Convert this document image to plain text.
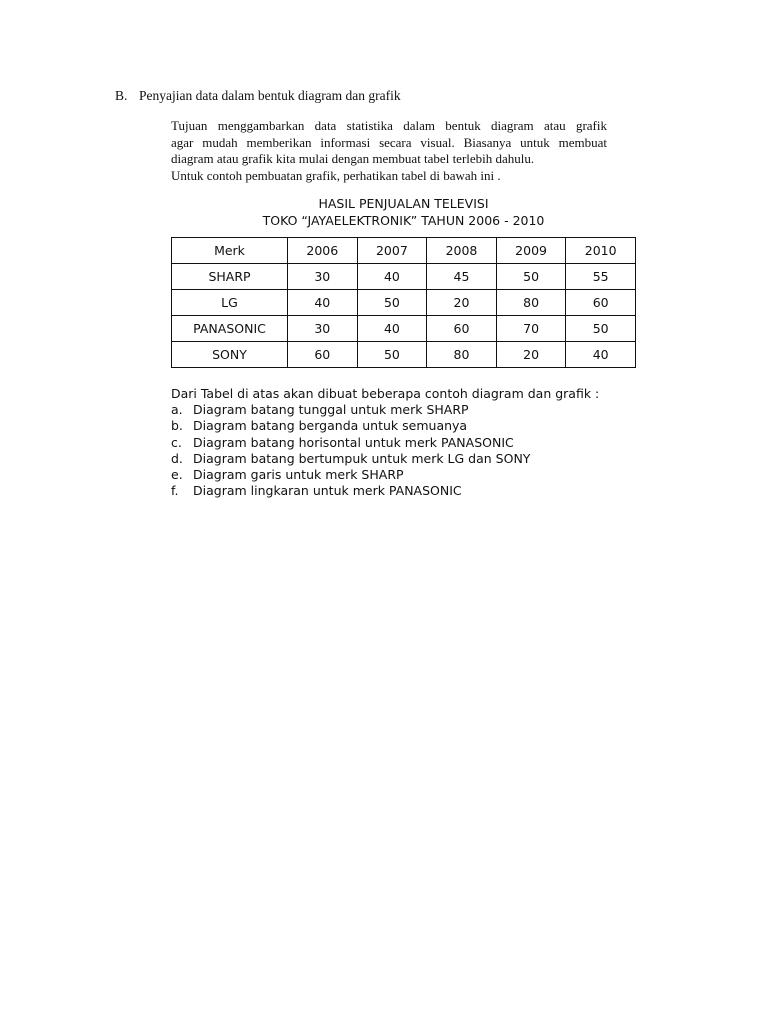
B. Penyajian data dalam bentuk diagram dan grafik
Tujuan menggambarkan data statistika dalam bentuk diagram atau grafik
agar mudah memberikan informasi secara visual. Biasanya untuk membuat
diagram atau grafik kita mulai dengan membuat tabel terlebih dahulu.
Untuk contoh pembuatan grafik, perhatikan tabel di bawah ini .
HASIL PENJUALAN TELEVISI
TOKO “JAYAELEKTRONIK” TAHUN 2006 - 2010
Merk	2006	2007	2008	2009	2010
SHARP	30	40	45	50	55
LG	40	50	20	80	60
PANASONIC	30	40	60	70	50
SONY	60	50	80	20	40
Dari Tabel di atas akan dibuat beberapa contoh diagram dan grafik :
a. Diagram batang tunggal untuk merk SHARP
b. Diagram batang berganda untuk semuanya
c. Diagram batang horisontal untuk merk PANASONIC
d. Diagram batang bertumpuk untuk merk LG dan SONY
e. Diagram garis untuk merk SHARP
f.	Diagram lingkaran untuk merk PANASONIC
